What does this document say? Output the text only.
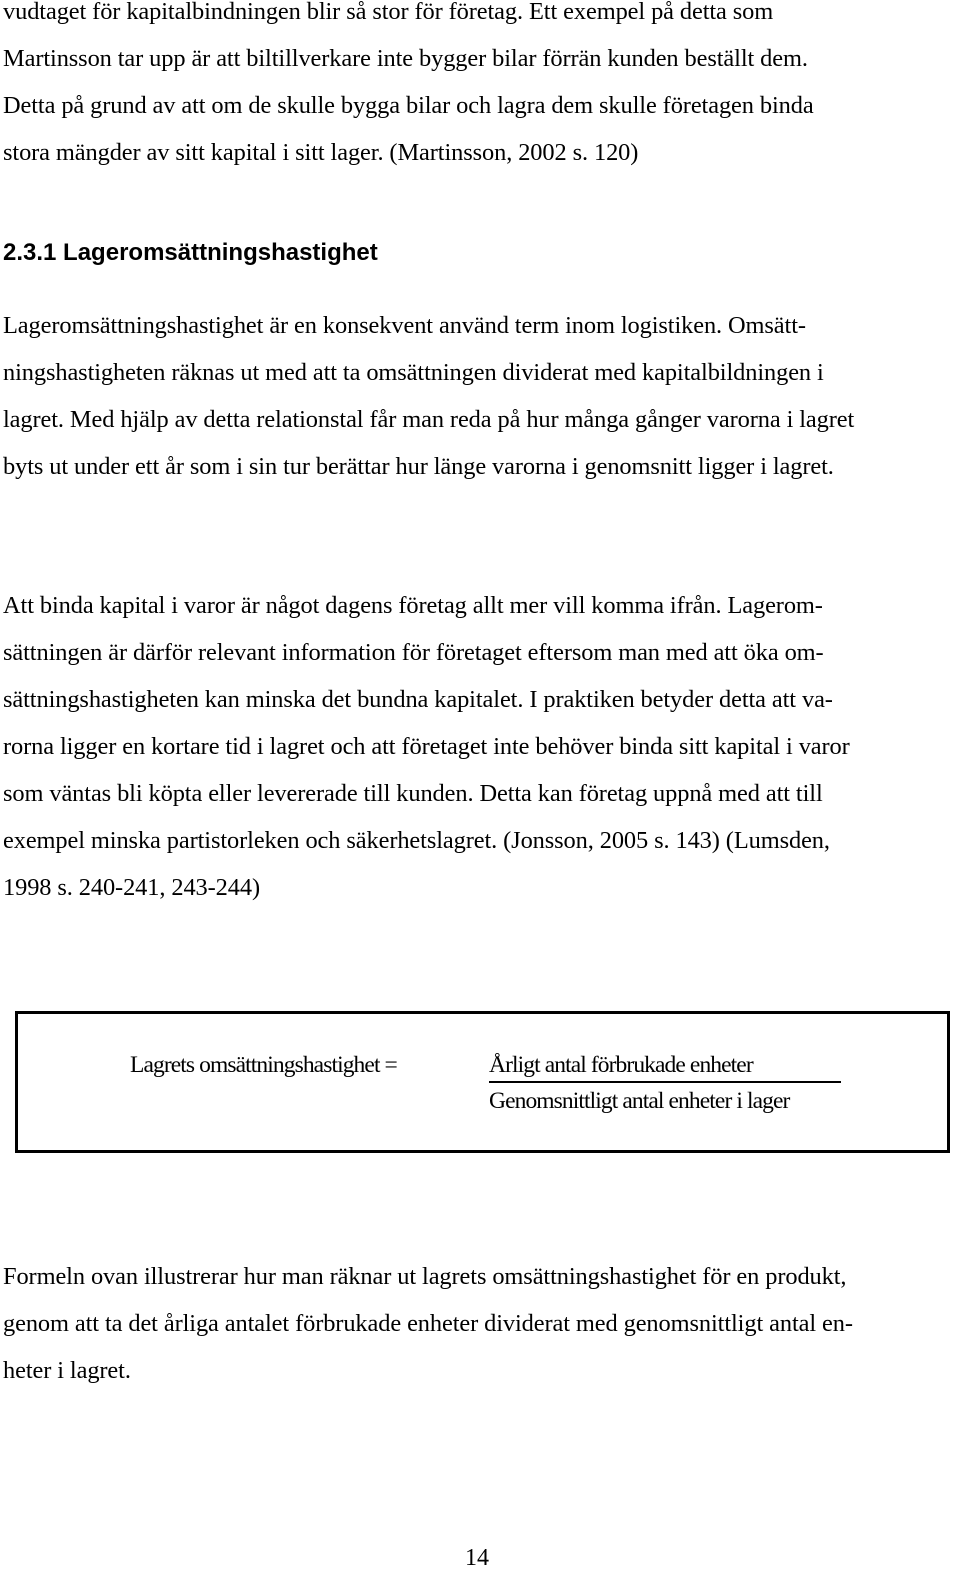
vudtaget för kapitalbindningen blir så stor för företag. Ett exempel på detta som
Martinsson tar upp är att biltillverkare inte bygger bilar förrän kunden beställt dem.
Detta på grund av att om de skulle bygga bilar och lagra dem skulle företagen binda
stora mängder av sitt kapital i sitt lager. (Martinsson, 2002 s. 120)
2.3.1 Lageromsättningshastighet
Lageromsättningshastighet är en konsekvent använd term inom logistiken. Omsätt-
ningshastigheten räknas ut med att ta omsättningen dividerat med kapitalbildningen i
lagret. Med hjälp av detta relationstal får man reda på hur många gånger varorna i lagret
byts ut under ett år som i sin tur berättar hur länge varorna i genomsnitt ligger i lagret.
Att binda kapital i varor är något dagens företag allt mer vill komma ifrån. Lagerom-
sättningen är därför relevant information för företaget eftersom man med att öka om-
sättningshastigheten kan minska det bundna kapitalet. I praktiken betyder detta att va-
rorna ligger en kortare tid i lagret och att företaget inte behöver binda sitt kapital i varor
som väntas bli köpta eller levererade till kunden. Detta kan företag uppnå med att till
exempel minska partistorleken och säkerhetslagret. (Jonsson, 2005 s. 143) (Lumsden,
1998 s. 240-241, 243-244)
Lagrets omsättningshastighet =	Årligt antal förbrukade enheter
Genomsnittligt antal enheter i lager
Formeln ovan illustrerar hur man räknar ut lagrets omsättningshastighet för en produkt,
genom att ta det årliga antalet förbrukade enheter dividerat med genomsnittligt antal en-
heter i lagret.
14
